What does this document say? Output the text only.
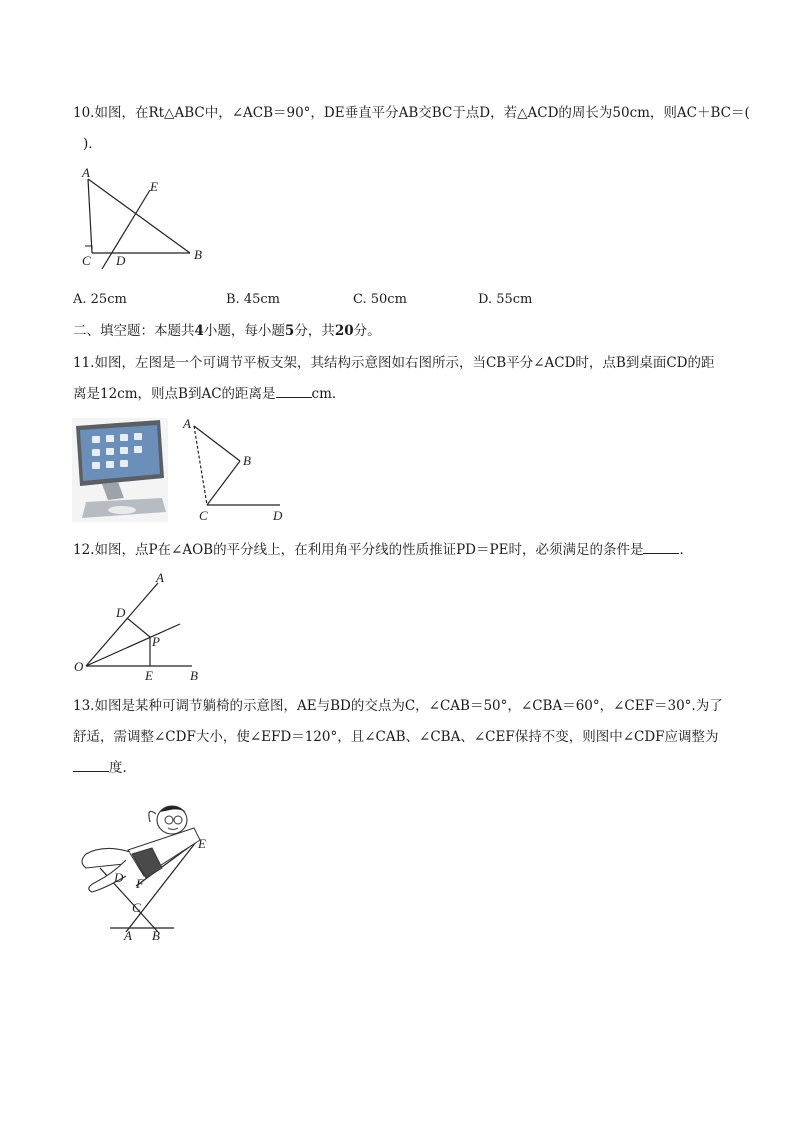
10.如图，在Rt△ABC中，∠ACB＝90°，DE垂直平分AB交BC于点D，若△ACD的周长为50cm，则AC＋BC＝(
)．
A
E
C D	B
A. 25cm	B. 45cm	C. 50cm	D. 55cm
二、填空题：本题共4小题，每小题5分，共20分。
11.如图，左图是一个可调节平板支架，其结构示意图如右图所示，当CB平分∠ACD时，点B到桌面CD的距
离是12cm，则点B到AC的距离是	cm．
A
B
C	D
12.如图，点P在∠AOB的平分线上，在利用角平分线的性质推证PD＝PE时，必须满足的条件是	．
A
D
P
O
E	B
13.如图是某种可调节躺椅的示意图，AE与BD的交点为C，∠CAB＝50°，∠CBA＝60°，∠CEF＝30°.为了
舒适，需调整∠CDF大小，使∠EFD＝120°，且∠CAB、∠CBA、∠CEF保持不变，则图中∠CDF应调整为
度.
E
D F
C
A B
